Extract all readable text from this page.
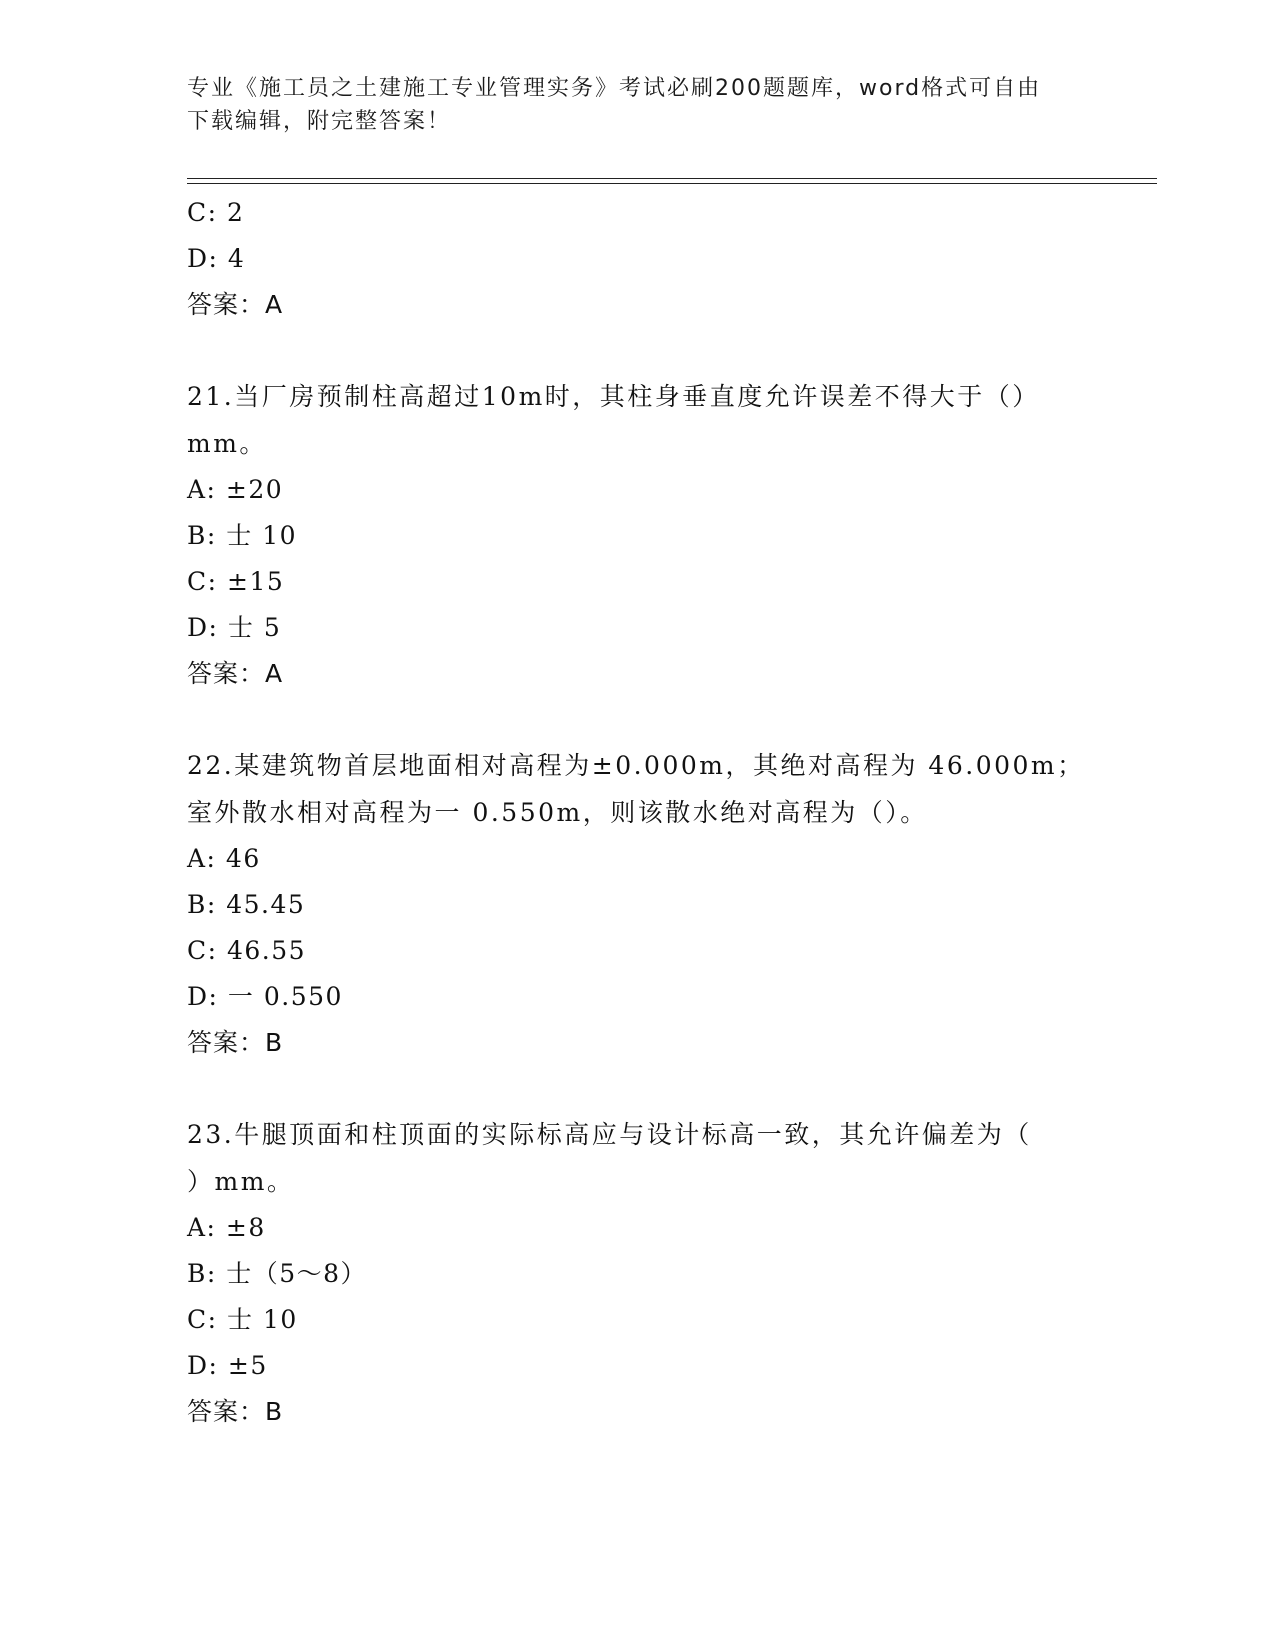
专业《施工员之土建施工专业管理实务》考试必刷200题题库，word格式可自由
下载编辑，附完整答案！
C: 2
D: 4
答案：A
21.当厂房预制柱高超过10m时，其柱身垂直度允许误差不得大于（）
mm。
A: ±20
B: 士 10
C: ±15
D: 士 5
答案：A
22.某建筑物首层地面相对高程为±0.000m，其绝对高程为 46.000m；
室外散水相对高程为一 0.550m，则该散水绝对高程为（）。
A: 46
B: 45.45
C: 46.55
D: 一 0.550
答案：B
23.牛腿顶面和柱顶面的实际标高应与设计标高一致，其允许偏差为（
）mm。
A: ±8
B: 士（5～8）
C: 士 10
D: ±5
答案：B
